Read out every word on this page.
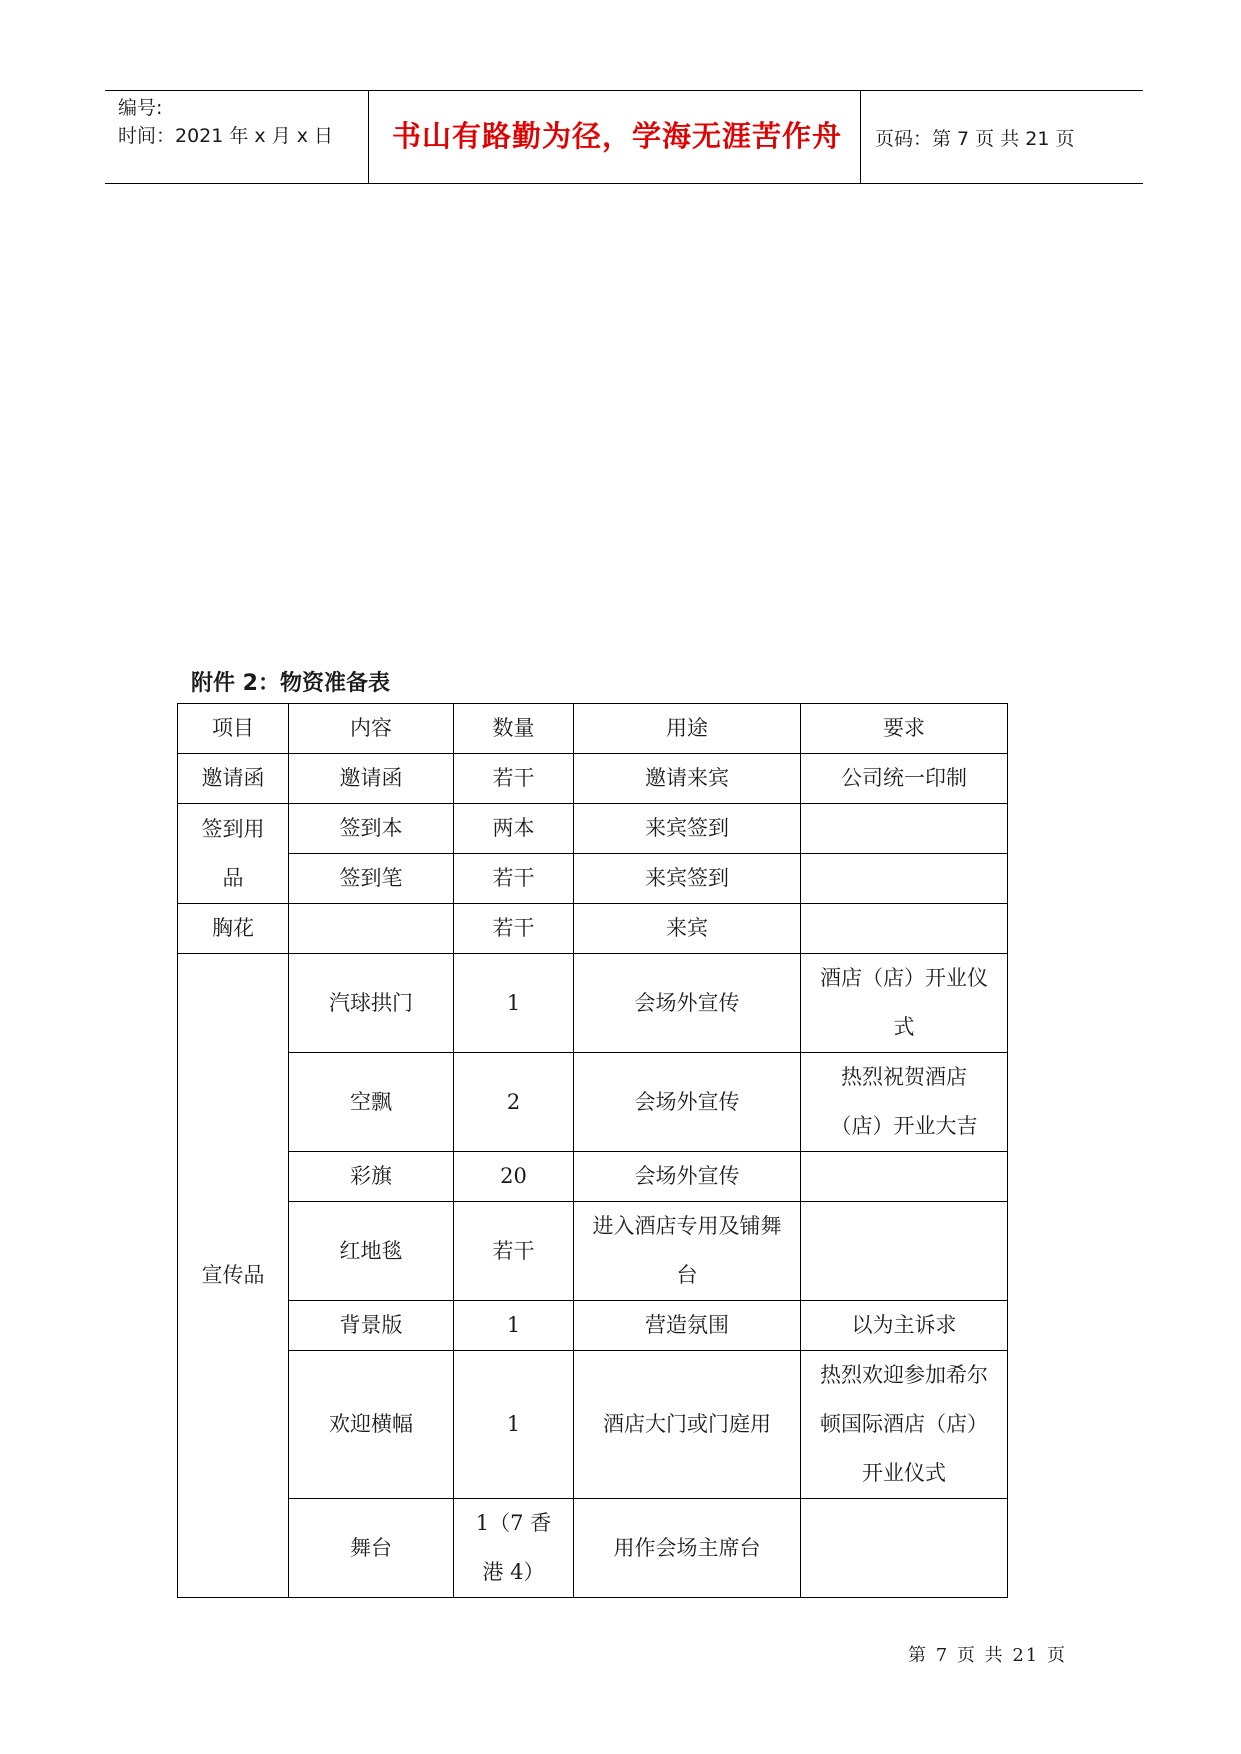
编号:
时间：2021 年 x 月 x 日	书山有路勤为径，学海无涯苦作舟	页码：第 7 页 共 21 页
附件 2：物资准备表
项目	内容	数量	用途	要求
邀请函	邀请函	若干	邀请来宾	公司统一印制
签到用品	签到本	两本	来宾签到	
	签到笔	若干	来宾签到	
胸花		若干	来宾	
宣传品	汽球拱门	1	会场外宣传	酒店（店）开业仪式
	空飘	2	会场外宣传	热烈祝贺酒店（店）开业大吉
	彩旗	20	会场外宣传	
	红地毯	若干	进入酒店专用及铺舞台	
	背景版	1	营造氛围	以为主诉求
	欢迎横幅	1	酒店大门或门庭用	热烈欢迎参加希尔顿国际酒店（店）开业仪式
	舞台	1（7 香港 4）	用作会场主席台	
第 7 页 共 21 页
